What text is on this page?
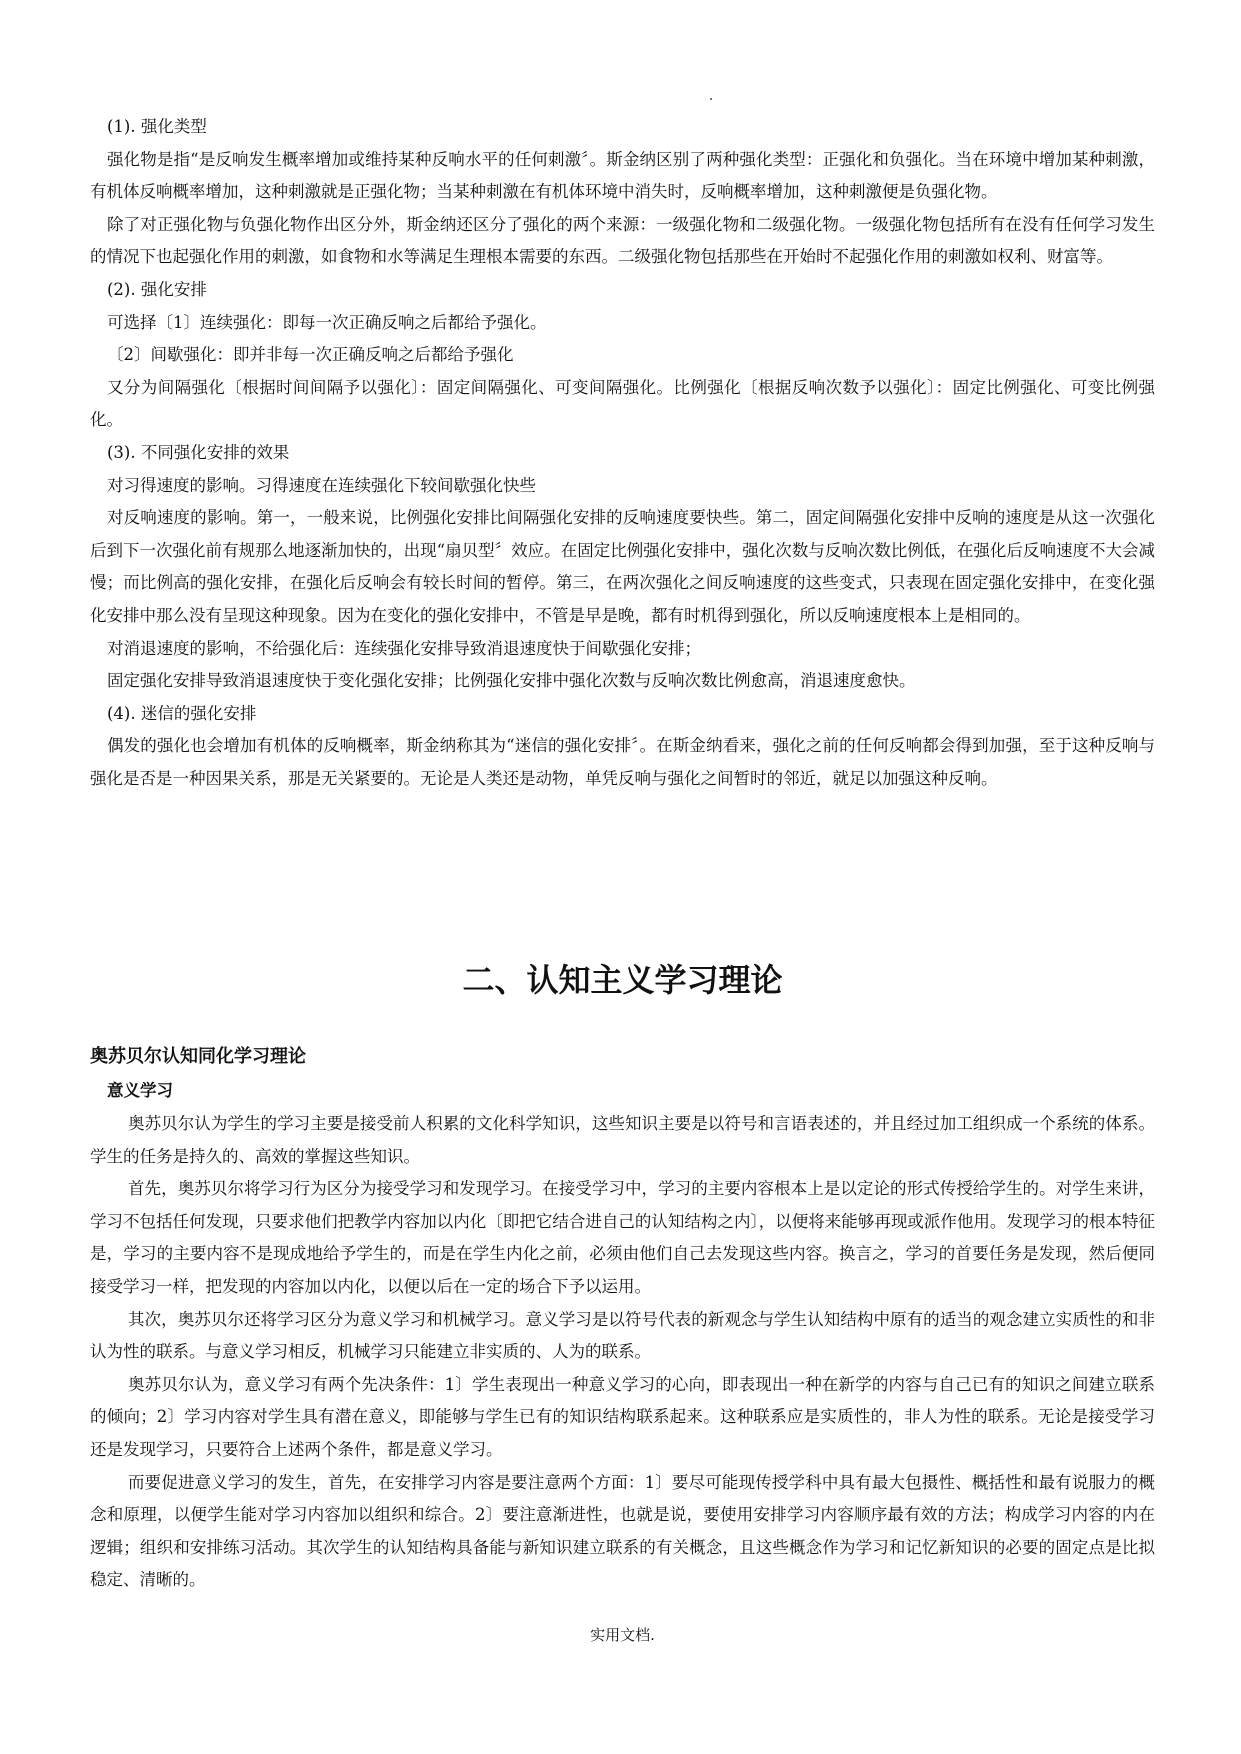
(1). 强化类型

强化物是指“是反响发生概率增加或维持某种反响水平的任何刺激〞。斯金纳区别了两种强化类型：正强化和负强化。当在环境中增加某种刺激，有机体反响概率增加，这种刺激就是正强化物；当某种刺激在有机体环境中消失时，反响概率增加，这种刺激便是负强化物。

除了对正强化物与负强化物作出区分外，斯金纳还区分了强化的两个来源：一级强化物和二级强化物。一级强化物包括所有在没有任何学习发生的情况下也起强化作用的刺激，如食物和水等满足生理根本需要的东西。二级强化物包括那些在开始时不起强化作用的刺激如权利、财富等。

(2). 强化安排

可选择〔1〕连续强化：即每一次正确反响之后都给予强化。

〔2〕间歇强化：即并非每一次正确反响之后都给予强化

又分为间隔强化〔根据时间间隔予以强化〕：固定间隔强化、可变间隔强化。比例强化〔根据反响次数予以强化〕：固定比例强化、可变比例强化。

(3). 不同强化安排的效果

对习得速度的影响。习得速度在连续强化下较间歇强化快些

对反响速度的影响。第一，一般来说，比例强化安排比间隔强化安排的反响速度要快些。第二，固定间隔强化安排中反响的速度是从这一次强化后到下一次强化前有规那么地逐渐加快的，出现“扇贝型〞效应。在固定比例强化安排中，强化次数与反响次数比例低，在强化后反响速度不大会减慢；而比例高的强化安排，在强化后反响会有较长时间的暂停。第三，在两次强化之间反响速度的这些变式，只表现在固定强化安排中，在变化强化安排中那么没有呈现这种现象。因为在变化的强化安排中，不管是早是晚，都有时机得到强化，所以反响速度根本上是相同的。

对消退速度的影响，不给强化后：连续强化安排导致消退速度快于间歇强化安排；

固定强化安排导致消退速度快于变化强化安排；比例强化安排中强化次数与反响次数比例愈高，消退速度愈快。

(4). 迷信的强化安排

偶发的强化也会增加有机体的反响概率，斯金纳称其为“迷信的强化安排〞。在斯金纳看来，强化之前的任何反响都会得到加强，至于这种反响与强化是否是一种因果关系，那是无关紧要的。无论是人类还是动物，单凭反响与强化之间暂时的邻近，就足以加强这种反响。

二、认知主义学习理论

奥苏贝尔认知同化学习理论

意义学习

奥苏贝尔认为学生的学习主要是接受前人积累的文化科学知识，这些知识主要是以符号和言语表述的，并且经过加工组织成一个系统的体系。学生的任务是持久的、高效的掌握这些知识。

首先，奥苏贝尔将学习行为区分为接受学习和发现学习。在接受学习中，学习的主要内容根本上是以定论的形式传授给学生的。对学生来讲，学习不包括任何发现，只要求他们把教学内容加以内化〔即把它结合进自己的认知结构之内〕，以便将来能够再现或派作他用。发现学习的根本特征是，学习的主要内容不是现成地给予学生的，而是在学生内化之前，必须由他们自己去发现这些内容。换言之，学习的首要任务是发现，然后便同接受学习一样，把发现的内容加以内化，以便以后在一定的场合下予以运用。

其次，奥苏贝尔还将学习区分为意义学习和机械学习。意义学习是以符号代表的新观念与学生认知结构中原有的适当的观念建立实质性的和非认为性的联系。与意义学习相反，机械学习只能建立非实质的、人为的联系。

奥苏贝尔认为，意义学习有两个先决条件：1〕学生表现出一种意义学习的心向，即表现出一种在新学的内容与自己已有的知识之间建立联系的倾向；2〕学习内容对学生具有潜在意义，即能够与学生已有的知识结构联系起来。这种联系应是实质性的，非人为性的联系。无论是接受学习还是发现学习，只要符合上述两个条件，都是意义学习。

而要促进意义学习的发生，首先，在安排学习内容是要注意两个方面：1〕要尽可能现传授学科中具有最大包摄性、概括性和最有说服力的概念和原理，以便学生能对学习内容加以组织和综合。2〕要注意渐进性，也就是说，要使用安排学习内容顺序最有效的方法；构成学习内容的内在逻辑；组织和安排练习活动。其次学生的认知结构具备能与新知识建立联系的有关概念，且这些概念作为学习和记忆新知识的必要的固定点是比拟稳定、清晰的。

实用文档.
